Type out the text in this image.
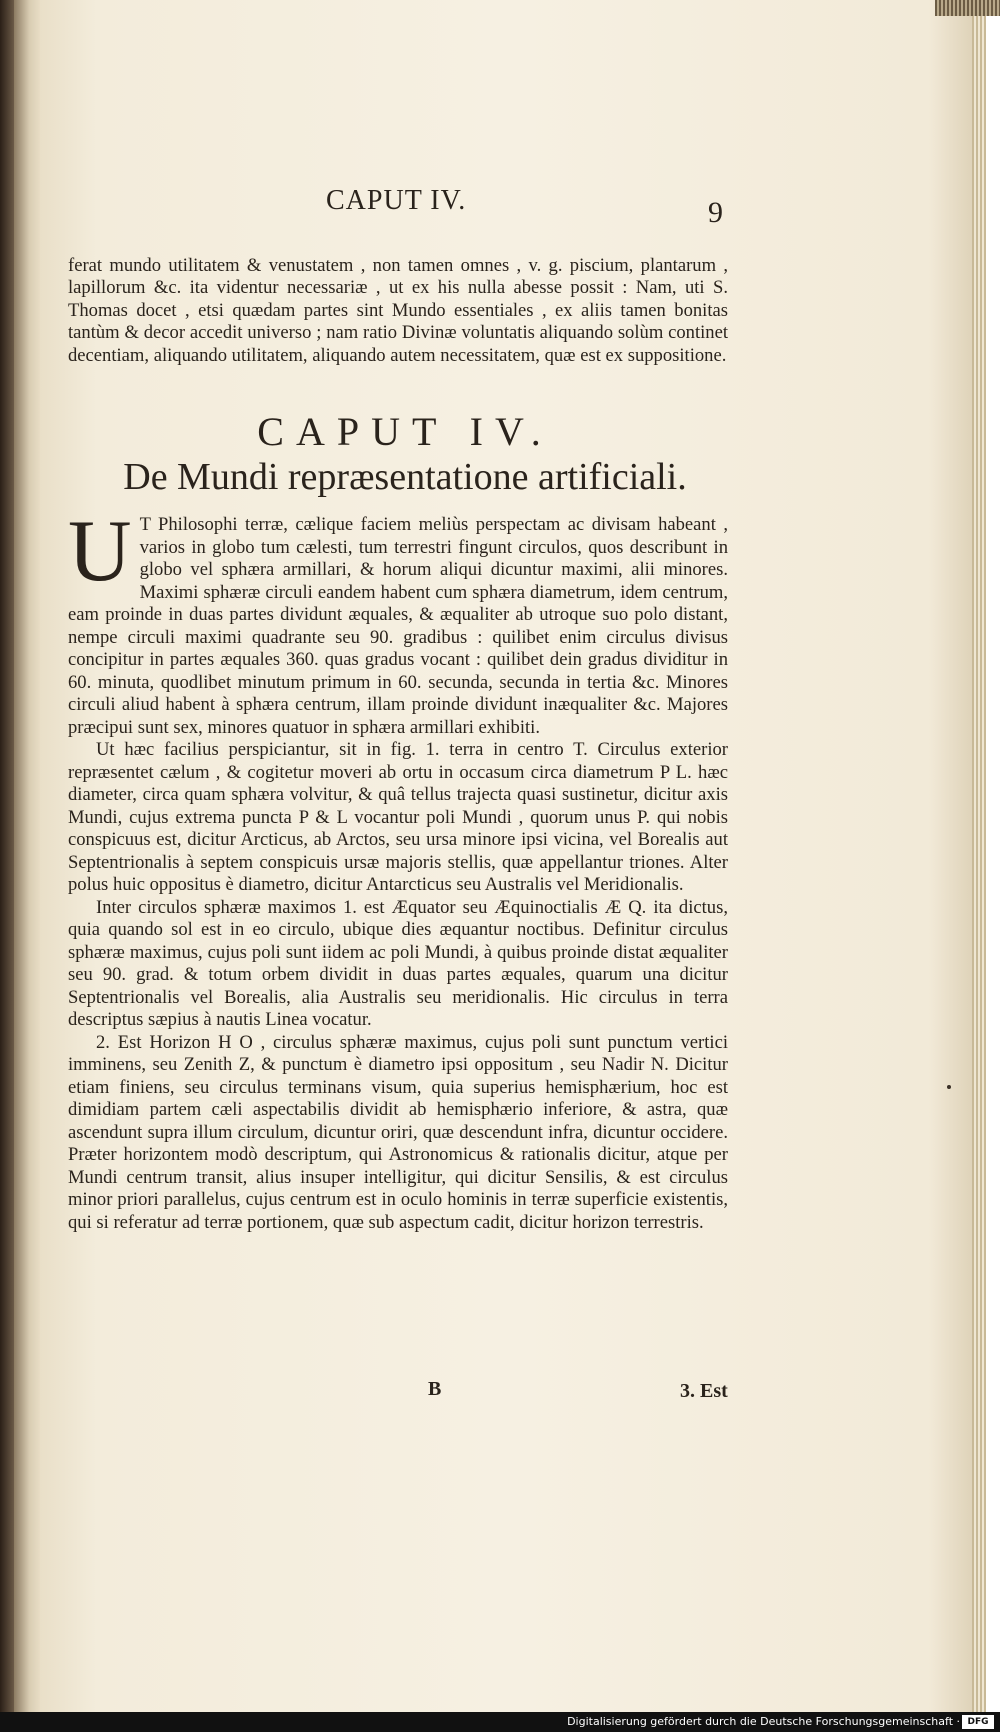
CAPUT IV.	9

ferat mundo utilitatem & venustatem , non tamen omnes , v. g. piscium, plantarum , lapillorum &c. ita videntur necessariæ , ut ex his nulla abesse possit : Nam, uti S. Thomas docet , etsi quædam partes sint Mundo essentiales , ex aliis tamen bonitas tantùm & decor accedit universo ; nam ratio Divinæ voluntatis aliquando solùm continet decentiam, aliquando utilitatem, aliquando autem necessitatem, quæ est ex suppositione.

CAPUT IV.
De Mundi repræsentatione artificiali.
U T Philosophi terræ, cælique faciem meliùs perspectam ac divisam habeant , varios in globo tum cælesti, tum terrestri fingunt circulos, quos describunt in globo vel sphæra armillari, & horum aliqui dicuntur maximi, alii minores. Maximi sphæræ circuli eandem habent cum sphæra diametrum, idem centrum, eam proinde in duas partes dividunt æquales, & æqualiter ab utroque suo polo distant, nempe circuli maximi quadrante seu 90. gradibus : quilibet enim circulus divisus concipitur in partes æquales 360. quas gradus vocant : quilibet dein gradus dividitur in 60. minuta, quodlibet minutum primum in 60. secunda, secunda in tertia &c. Minores circuli aliud habent à sphæra centrum, illam proinde dividunt inæqualiter &c. Majores præcipui sunt sex, minores quatuor in sphæra armillari exhibiti.

Ut hæc facilius perspiciantur, sit in fig. 1. terra in centro T. Circulus exterior repræsentet cælum , & cogitetur moveri ab ortu in occasum circa diametrum P L. hæc diameter, circa quam sphæra volvitur, & quâ tellus trajecta quasi sustinetur, dicitur axis Mundi, cujus extrema puncta P & L vocantur poli Mundi , quorum unus P. qui nobis conspicuus est, dicitur Arcticus, ab Arctos, seu ursa minore ipsi vicina, vel Borealis aut Septentrionalis à septem conspicuis ursæ majoris stellis, quæ appellantur triones. Alter polus huic oppositus è diametro, dicitur Antarcticus seu Australis vel Meridionalis.

Inter circulos sphæræ maximos 1. est Æquator seu Æquinoctialis Æ Q. ita dictus, quia quando sol est in eo circulo, ubique dies æquantur noctibus. Definitur circulus sphæræ maximus, cujus poli sunt iidem ac poli Mundi, à quibus proinde distat æqualiter seu 90. grad. & totum orbem dividit in duas partes æquales, quarum una dicitur Septentrionalis vel Borealis, alia Australis seu meridionalis. Hic circulus in terra descriptus sæpius à nautis Linea vocatur.

2. Est Horizon H O , circulus sphæræ maximus, cujus poli sunt punctum vertici imminens, seu Zenith Z, & punctum è diametro ipsi oppositum , seu Nadir N. Dicitur etiam finiens, seu circulus terminans visum, quia superius hemisphærium, hoc est dimidiam partem cæli aspectabilis dividit ab hemisphærio inferiore, & astra, quæ ascendunt supra illum circulum, dicuntur oriri, quæ descendunt infra, dicuntur occidere. Præter horizontem modò descriptum, qui Astronomicus & rationalis dicitur, atque per Mundi centrum transit, alius insuper intelligitur, qui dicitur Sensilis, & est circulus minor priori parallelus, cujus centrum est in oculo hominis in terræ superficie existentis, qui si referatur ad terræ portionem, quæ sub aspectum cadit, dicitur horizon terrestris.

B	3. Est
Digitalisierung gefördert durch die Deutsche Forschungsgemeinschaft · DFG
